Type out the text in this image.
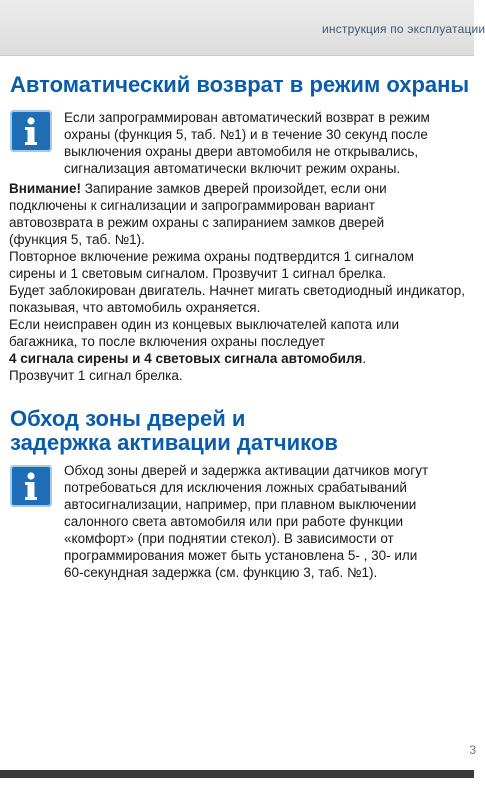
инструкция по эксплуатации
Автоматический возврат в режим охраны
Если запрограммирован автоматический возврат в режим
охраны (функция 5, таб. №1) и в течение 30 секунд после
выключения охраны двери автомобиля не открывались,
сигнализация автоматически включит режим охраны.
Внимание! Запирание замков дверей произойдет, если они
подключены к сигнализации и запрограммирован вариант
автовозврата в режим охраны с запиранием замков дверей
(функция 5, таб. №1).
Повторное включение режима охраны подтвердится 1 сигналом
сирены и 1 световым сигналом. Прозвучит 1 сигнал брелка.
Будет заблокирован двигатель. Начнет мигать светодиодный индикатор,
показывая, что автомобиль охраняется.
Если неисправен один из концевых выключателей капота или
багажника, то после включения охраны последует
4 сигнала сирены и 4 световых сигнала автомобиля.
Прозвучит 1 сигнал брелка.
Обход зоны дверей и
задержка активации датчиков
Обход зоны дверей и задержка активации датчиков могут
потребоваться для исключения ложных срабатываний
автосигнализации, например, при плавном выключении
салонного света автомобиля или при работе функции
«комфорт» (при поднятии стекол). В зависимости от
программирования может быть установлена 5- , 30- или
60-секундная задержка (см. функцию 3, таб. №1).
3
